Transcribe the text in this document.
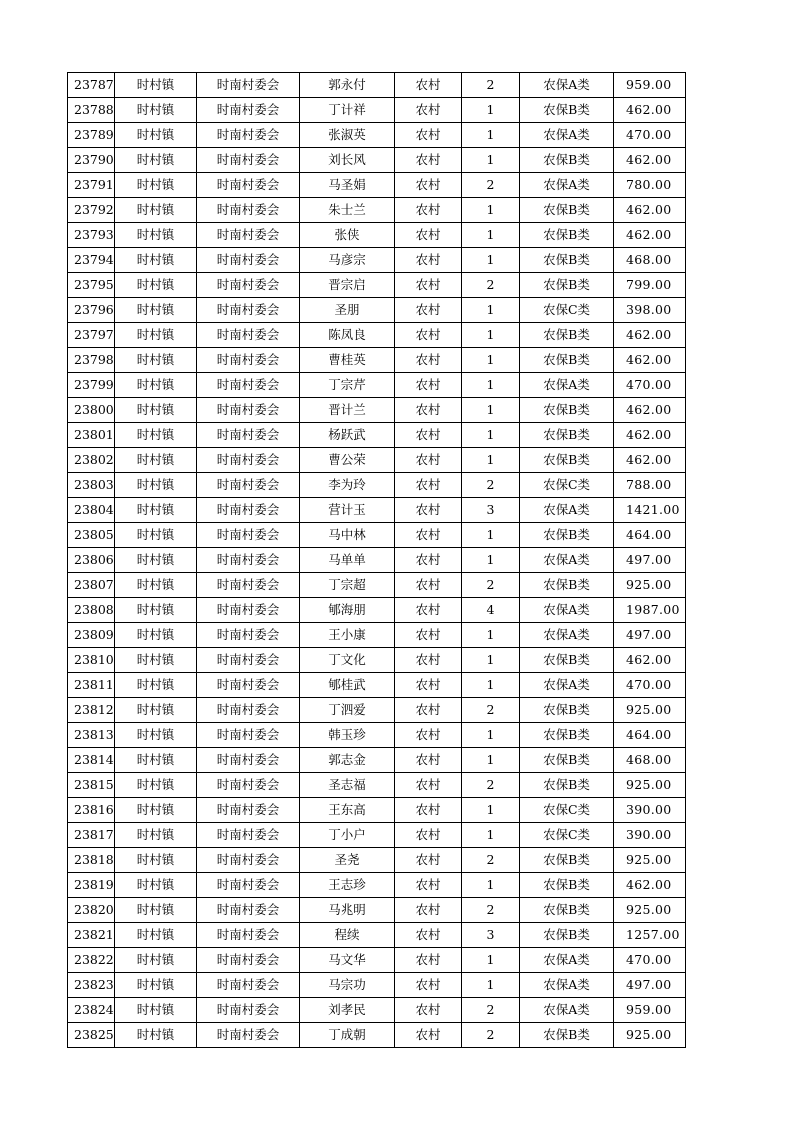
23787	时村镇	时南村委会	郭永付	农村	2	农保A类	959.00
23788	时村镇	时南村委会	丁计祥	农村	1	农保B类	462.00
23789	时村镇	时南村委会	张淑英	农村	1	农保A类	470.00
23790	时村镇	时南村委会	刘长风	农村	1	农保B类	462.00
23791	时村镇	时南村委会	马圣娟	农村	2	农保A类	780.00
23792	时村镇	时南村委会	朱士兰	农村	1	农保B类	462.00
23793	时村镇	时南村委会	张侠	农村	1	农保B类	462.00
23794	时村镇	时南村委会	马彦宗	农村	1	农保B类	468.00
23795	时村镇	时南村委会	晋宗启	农村	2	农保B类	799.00
23796	时村镇	时南村委会	圣朋	农村	1	农保C类	398.00
23797	时村镇	时南村委会	陈凤良	农村	1	农保B类	462.00
23798	时村镇	时南村委会	曹桂英	农村	1	农保B类	462.00
23799	时村镇	时南村委会	丁宗芹	农村	1	农保A类	470.00
23800	时村镇	时南村委会	晋计兰	农村	1	农保B类	462.00
23801	时村镇	时南村委会	杨跃武	农村	1	农保B类	462.00
23802	时村镇	时南村委会	曹公荣	农村	1	农保B类	462.00
23803	时村镇	时南村委会	李为玲	农村	2	农保C类	788.00
23804	时村镇	时南村委会	营计玉	农村	3	农保A类	1421.00
23805	时村镇	时南村委会	马中林	农村	1	农保B类	464.00
23806	时村镇	时南村委会	马单单	农村	1	农保A类	497.00
23807	时村镇	时南村委会	丁宗超	农村	2	农保B类	925.00
23808	时村镇	时南村委会	郇海朋	农村	4	农保A类	1987.00
23809	时村镇	时南村委会	王小康	农村	1	农保A类	497.00
23810	时村镇	时南村委会	丁文化	农村	1	农保B类	462.00
23811	时村镇	时南村委会	郇桂武	农村	1	农保A类	470.00
23812	时村镇	时南村委会	丁泗爱	农村	2	农保B类	925.00
23813	时村镇	时南村委会	韩玉珍	农村	1	农保B类	464.00
23814	时村镇	时南村委会	郭志金	农村	1	农保B类	468.00
23815	时村镇	时南村委会	圣志福	农村	2	农保B类	925.00
23816	时村镇	时南村委会	王东高	农村	1	农保C类	390.00
23817	时村镇	时南村委会	丁小户	农村	1	农保C类	390.00
23818	时村镇	时南村委会	圣尧	农村	2	农保B类	925.00
23819	时村镇	时南村委会	王志珍	农村	1	农保B类	462.00
23820	时村镇	时南村委会	马兆明	农村	2	农保B类	925.00
23821	时村镇	时南村委会	程续	农村	3	农保B类	1257.00
23822	时村镇	时南村委会	马文华	农村	1	农保A类	470.00
23823	时村镇	时南村委会	马宗功	农村	1	农保A类	497.00
23824	时村镇	时南村委会	刘孝民	农村	2	农保A类	959.00
23825	时村镇	时南村委会	丁成朝	农村	2	农保B类	925.00
